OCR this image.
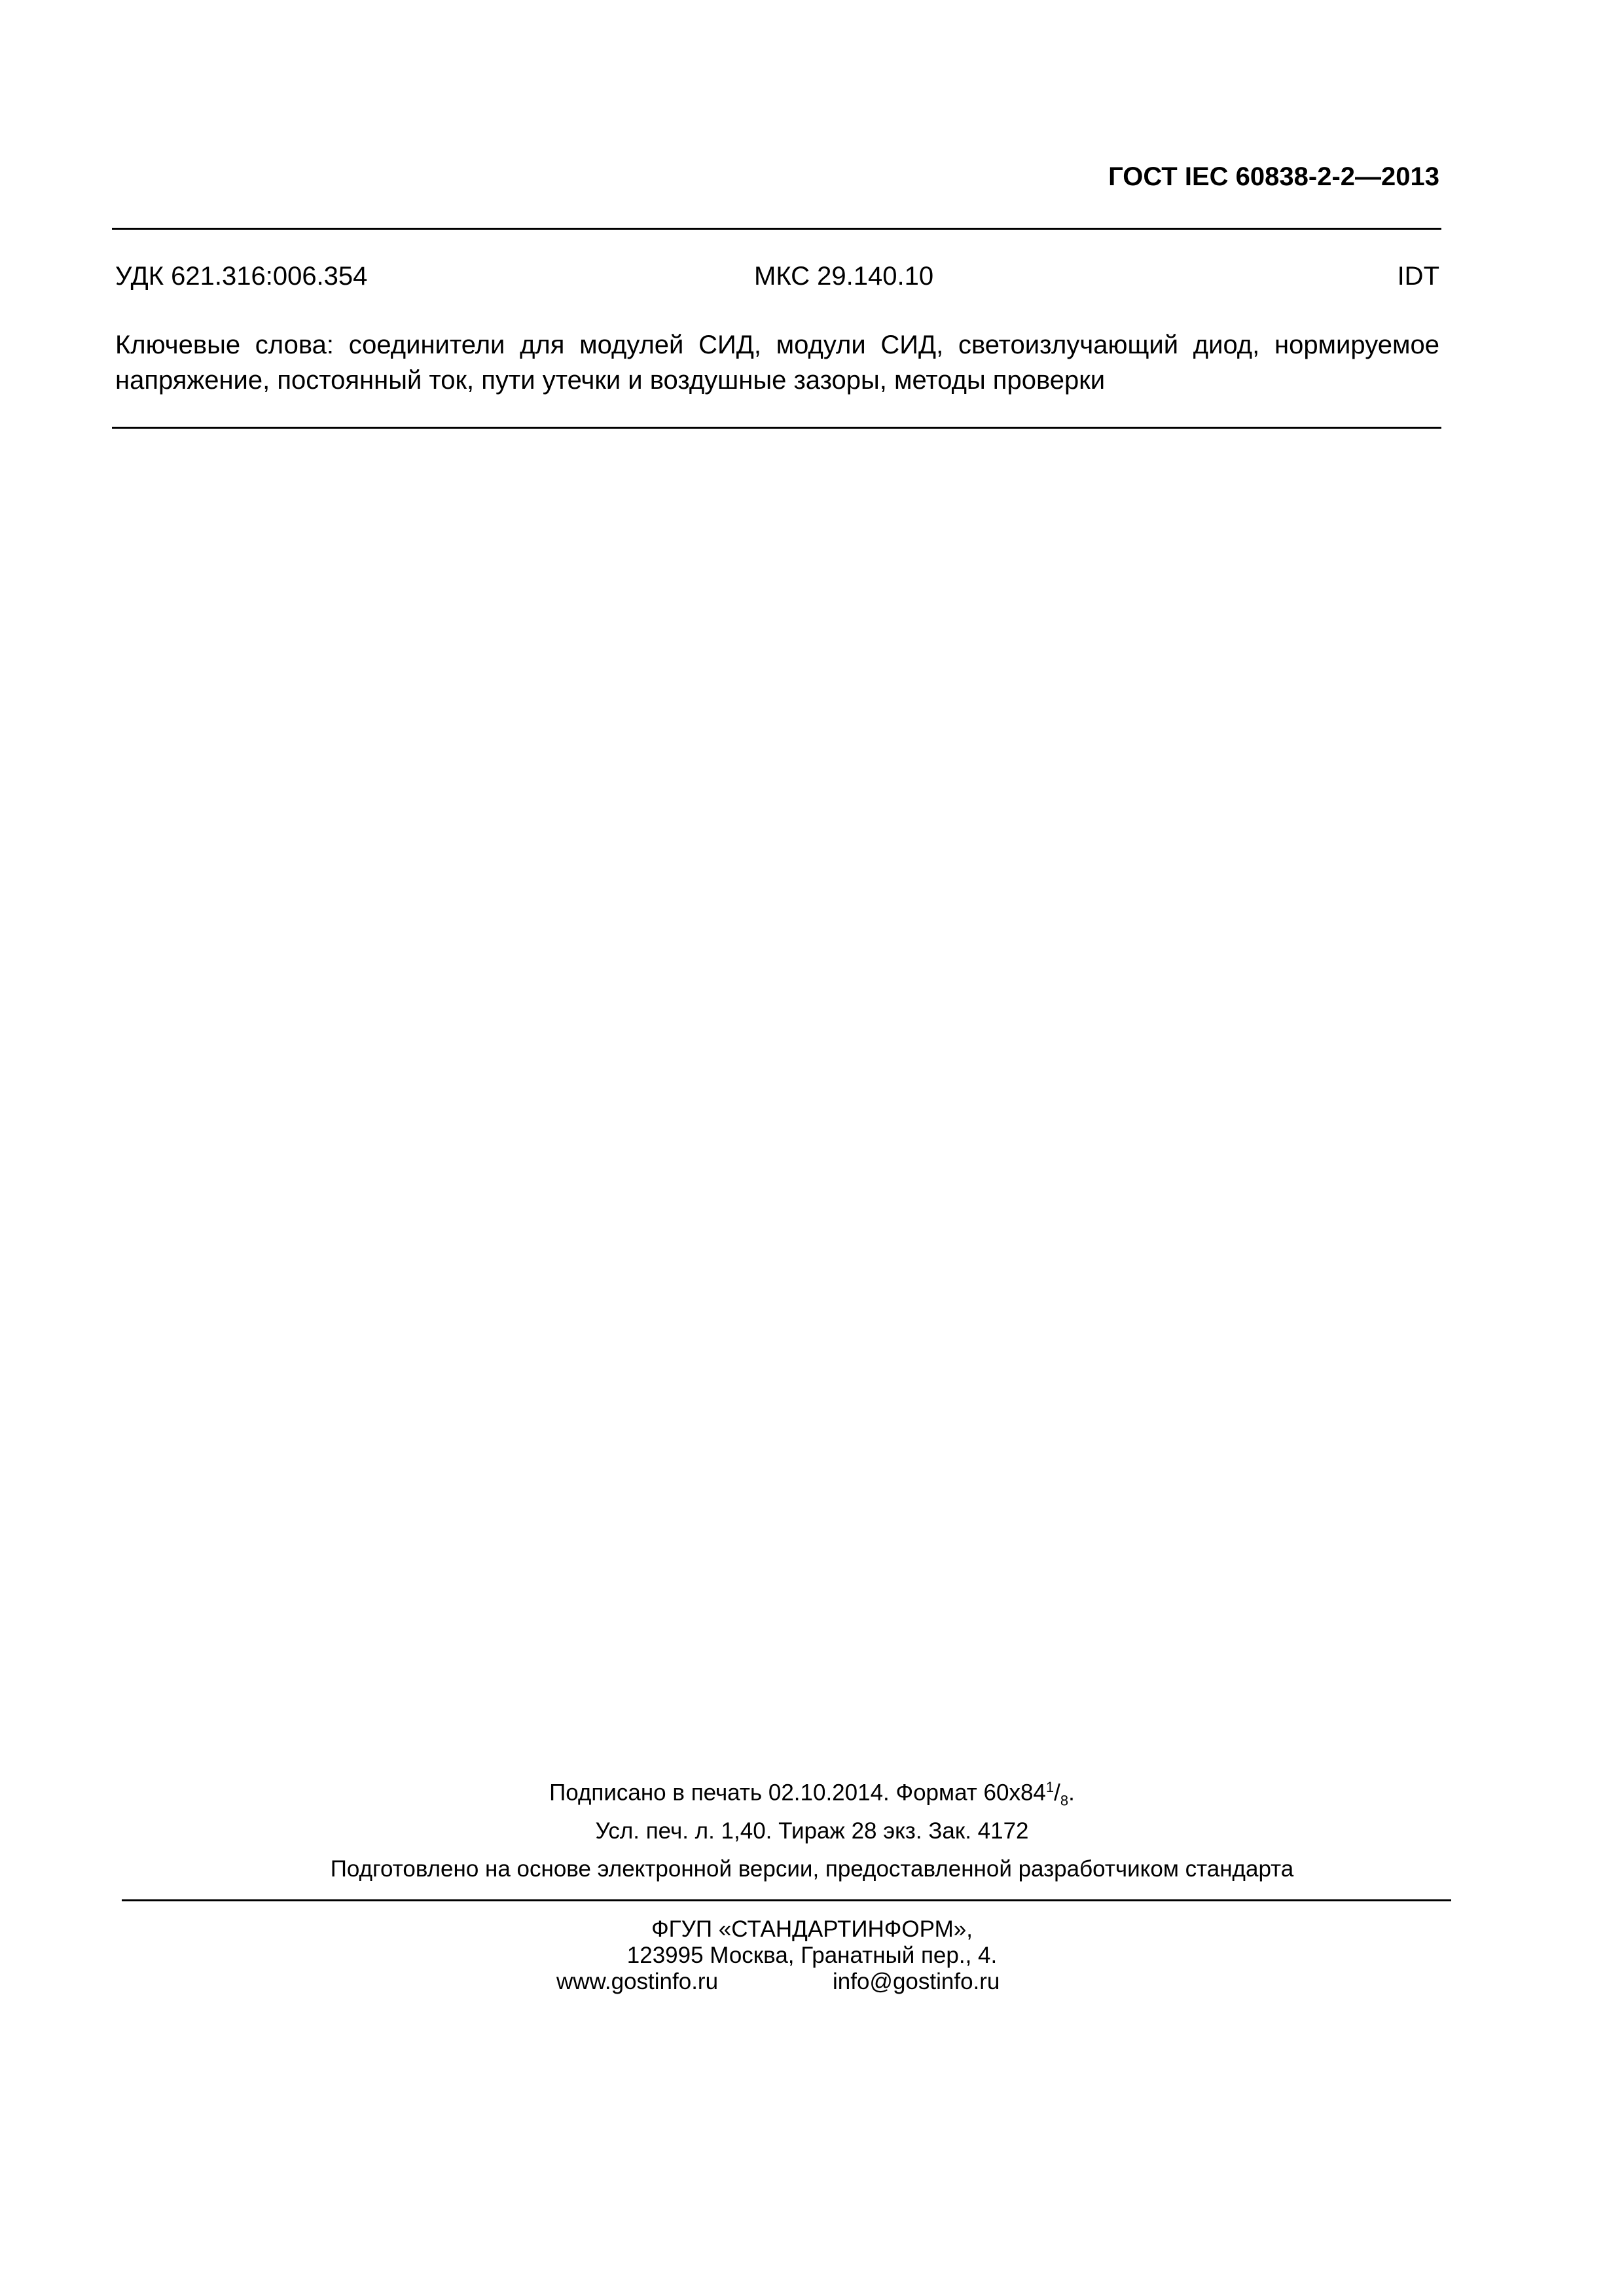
ГОСТ IEC 60838-2-2—2013
УДК 621.316:006.354	МКС 29.140.10	IDT
Ключевые слова: соединители для модулей СИД, модули СИД, светоизлучающий диод, нормируемое напряжение, постоянный ток, пути утечки и воздушные зазоры, методы проверки
Подписано в печать 02.10.2014. Формат $60x84^1/_8$.
Усл. печ. л. 1,40. Тираж 28 экз. Зак. 4172
Подготовлено на основе электронной версии, предоставленной разработчиком стандарта
ФГУП «СТАНДАРТИНФОРМ»,
123995 Москва, Гранатный пер., 4.
www.gostinfo.ru	info@gostinfo.ru
